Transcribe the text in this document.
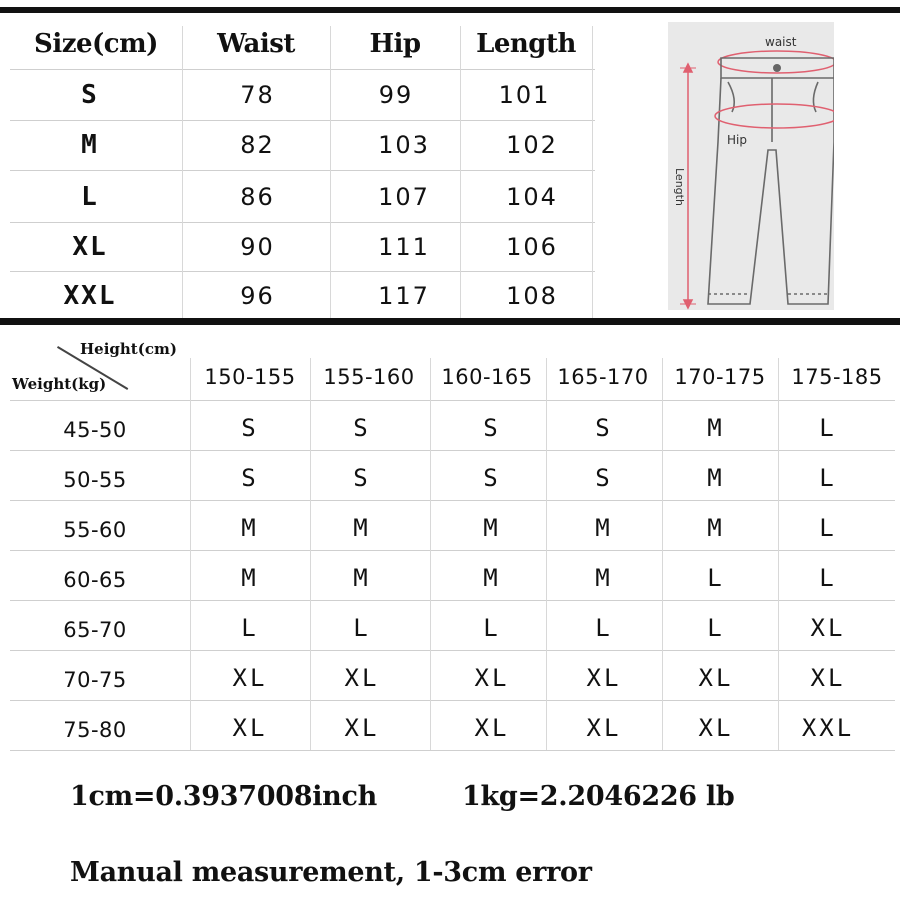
Size(cm)	Waist	Hip	Length
S	78	99	101
M	82	103	102
L	86	107	104
XL	90	111	106
XXL	96	117	108
waist
Hip
Length
Height(cm)
Weight(kg)	150-155	155-160	160-165	165-170	170-175	175-185
45-50	S	S	S	S	M	L
50-55	S	S	S	S	M	L
55-60	M	M	M	M	M	L
60-65	M	M	M	M	L	L
65-70	L	L	L	L	L	XL
70-75	XL	XL	XL	XL	XL	XL
75-80	XL	XL	XL	XL	XL	XXL
1cm=0.3937008inch	1kg=2.2046226 lb
Manual measurement, 1-3cm error
